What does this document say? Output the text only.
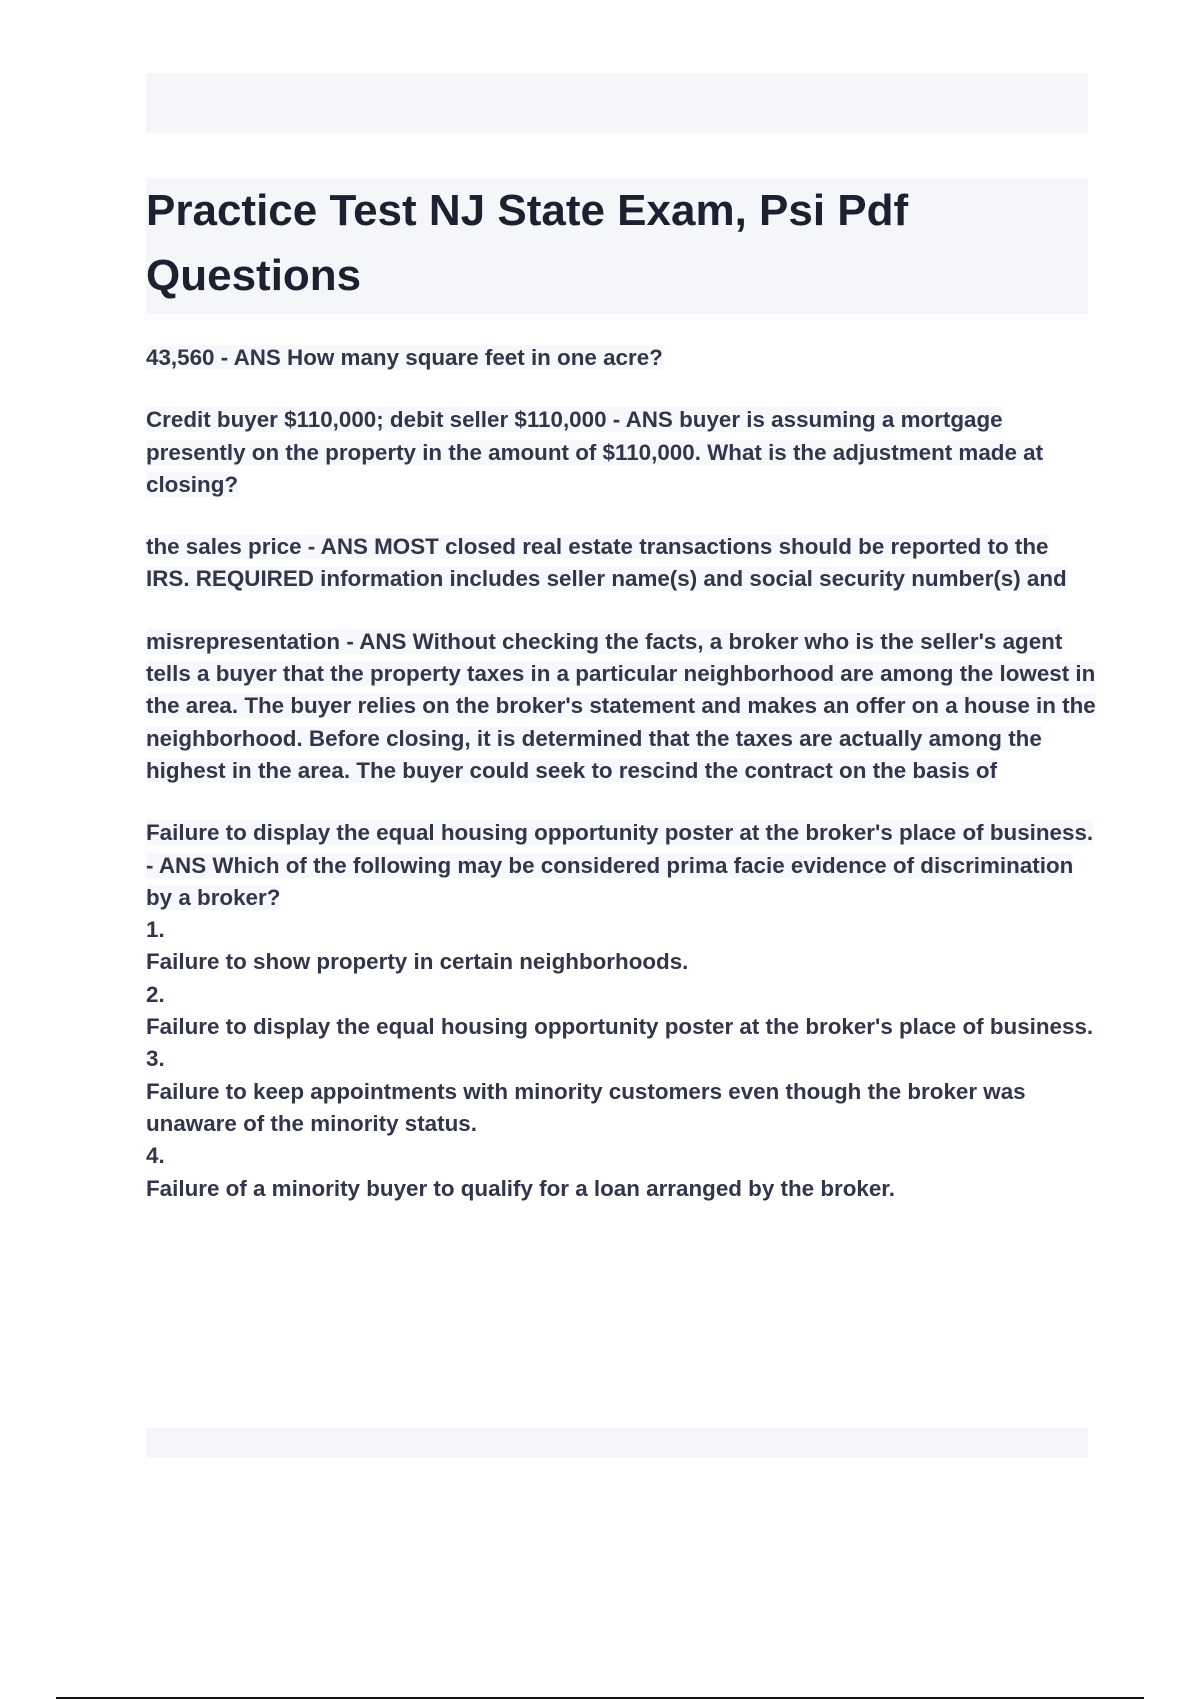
Practice Test NJ State Exam, Psi Pdf Questions

43,560 - ANS How many square feet in one acre?

Credit buyer $110,000; debit seller $110,000 - ANS buyer is assuming a mortgage presently on the property in the amount of $110,000. What is the adjustment made at closing?

the sales price - ANS MOST closed real estate transactions should be reported to the IRS. REQUIRED information includes seller name(s) and social security number(s) and

misrepresentation - ANS Without checking the facts, a broker who is the seller's agent tells a buyer that the property taxes in a particular neighborhood are among the lowest in the area. The buyer relies on the broker's statement and makes an offer on a house in the neighborhood. Before closing, it is determined that the taxes are actually among the highest in the area. The buyer could seek to rescind the contract on the basis of

Failure to display the equal housing opportunity poster at the broker's place of business. - ANS Which of the following may be considered prima facie evidence of discrimination by a broker?
1.
Failure to show property in certain neighborhoods.
2.
Failure to display the equal housing opportunity poster at the broker's place of business.
3.
Failure to keep appointments with minority customers even though the broker was unaware of the minority status.
4.
Failure of a minority buyer to qualify for a loan arranged by the broker.
